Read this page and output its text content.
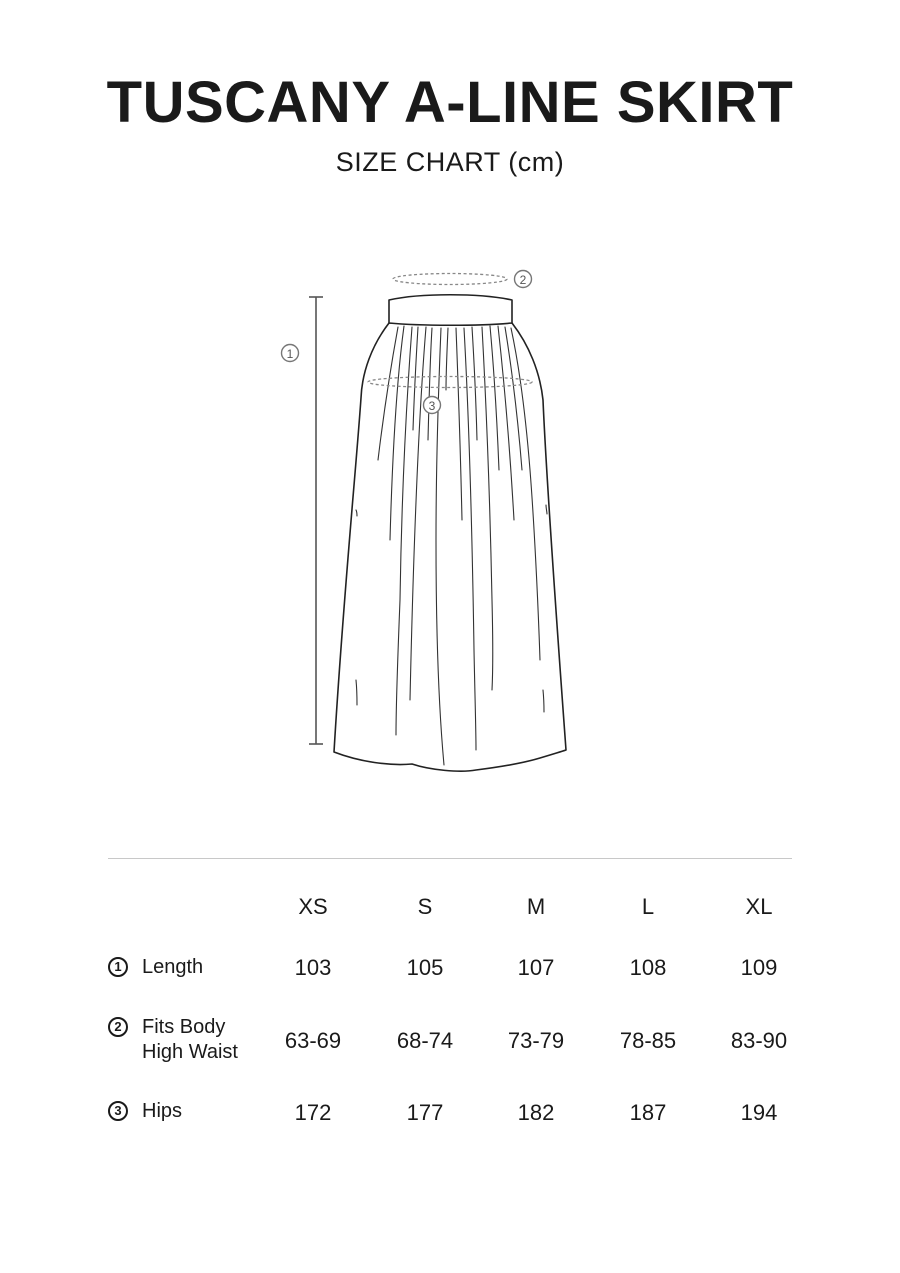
TUSCANY A-LINE SKIRT
SIZE CHART (cm)
1
2
3
XS	S	M	L	XL
1	Length	103	105	107	108	109
2	Fits Body
High Waist	63-69	68-74	73-79	78-85	83-90
3	Hips	172	177	182	187	194
